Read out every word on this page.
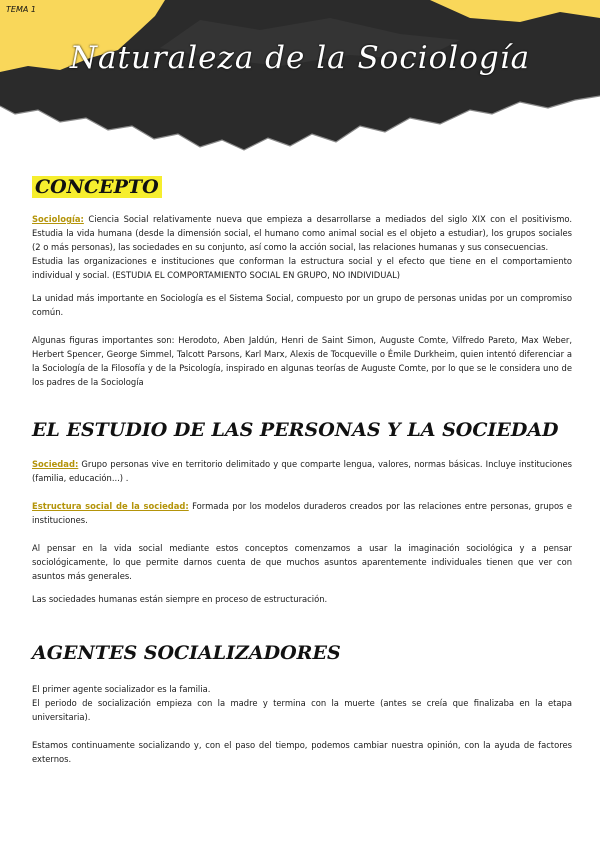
TEMA 1
Naturaleza de la Sociología
CONCEPTO

Sociología: Ciencia Social relativamente nueva que empieza a desarrollarse a mediados del siglo XIX con el positivismo. Estudia la vida humana (desde la dimensión social, el humano como animal social es el objeto a estudiar), los grupos sociales (2 o más personas), las sociedades en su conjunto, así como la acción social, las relaciones humanas y sus consecuencias.

Estudia las organizaciones e instituciones que conforman la estructura social y el efecto que tiene en el comportamiento individual y social. (ESTUDIA EL COMPORTAMIENTO SOCIAL EN GRUPO, NO INDIVIDUAL)

La unidad más importante en Sociología es el Sistema Social, compuesto por un grupo de personas unidas por un compromiso común.

Algunas figuras importantes son: Herodoto, Aben Jaldún, Henri de Saint Simon, Auguste Comte, Vilfredo Pareto, Max Weber, Herbert Spencer, George Simmel, Talcott Parsons, Karl Marx, Alexis de Tocqueville o Émile Durkheim, quien intentó diferenciar a la Sociología de la Filosofía y de la Psicología, inspirado en algunas teorías de Auguste Comte, por lo que se le considera uno de los padres de la Sociología

EL ESTUDIO DE LAS PERSONAS Y LA SOCIEDAD

Sociedad: Grupo personas vive en territorio delimitado y que comparte lengua, valores, normas básicas. Incluye instituciones (familia, educación...) .

Estructura social de la sociedad: Formada por los modelos duraderos creados por las relaciones entre personas, grupos e instituciones.

Al pensar en la vida social mediante estos conceptos comenzamos a usar la imaginación sociológica y a pensar sociológicamente, lo que permite darnos cuenta de que muchos asuntos aparentemente individuales tienen que ver con asuntos más generales.

Las sociedades humanas están siempre en proceso de estructuración.

AGENTES SOCIALIZADORES

El primer agente socializador es la familia.

El periodo de socialización empieza con la madre y termina con la muerte (antes se creía que finalizaba en la etapa universitaria).

Estamos continuamente socializando y, con el paso del tiempo, podemos cambiar nuestra opinión, con la ayuda de factores externos.
